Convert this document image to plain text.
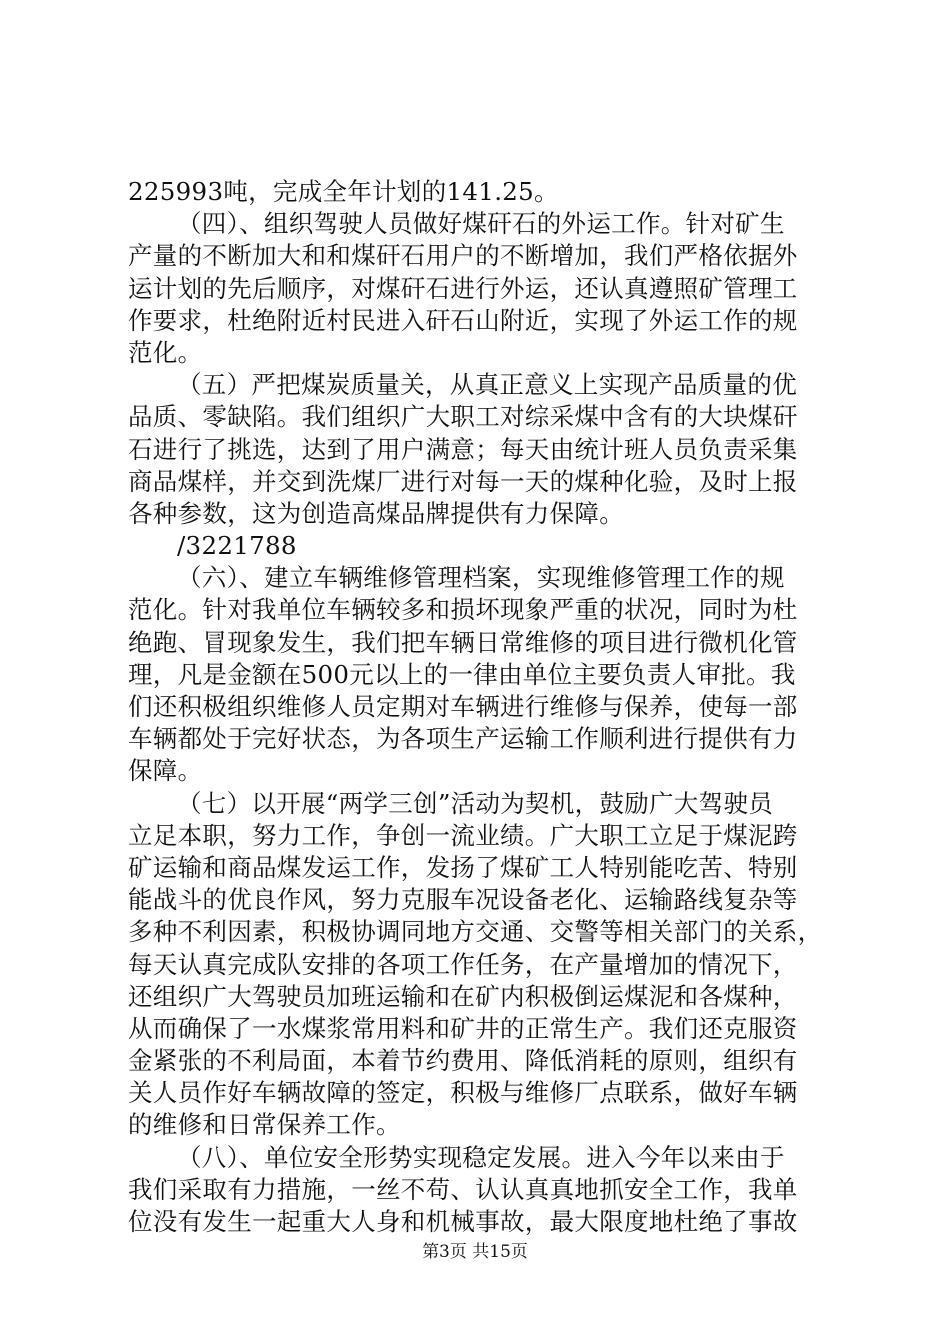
225993吨，完成全年计划的141.25。
（四）、组织驾驶人员做好煤矸石的外运工作。针对矿生
产量的不断加大和和煤矸石用户的不断增加，我们严格依据外
运计划的先后顺序，对煤矸石进行外运，还认真遵照矿管理工
作要求，杜绝附近村民进入矸石山附近，实现了外运工作的规
范化。
（五）严把煤炭质量关，从真正意义上实现产品质量的优
品质、零缺陷。我们组织广大职工对综采煤中含有的大块煤矸
石进行了挑选，达到了用户满意；每天由统计班人员负责采集
商品煤样，并交到洗煤厂进行对每一天的煤种化验，及时上报
各种参数，这为创造高煤品牌提供有力保障。
/3221788
（六）、建立车辆维修管理档案，实现维修管理工作的规
范化。针对我单位车辆较多和损坏现象严重的状况，同时为杜
绝跑、冒现象发生，我们把车辆日常维修的项目进行微机化管
理，凡是金额在500元以上的一律由单位主要负责人审批。我
们还积极组织维修人员定期对车辆进行维修与保养，使每一部
车辆都处于完好状态，为各项生产运输工作顺利进行提供有力
保障。
（七）以开展“两学三创”活动为契机，鼓励广大驾驶员
立足本职，努力工作，争创一流业绩。广大职工立足于煤泥跨
矿运输和商品煤发运工作，发扬了煤矿工人特别能吃苦、特别
能战斗的优良作风，努力克服车况设备老化、运输路线复杂等
多种不利因素，积极协调同地方交通、交警等相关部门的关系，
每天认真完成队安排的各项工作任务，在产量增加的情况下，
还组织广大驾驶员加班运输和在矿内积极倒运煤泥和各煤种，
从而确保了一水煤浆常用料和矿井的正常生产。我们还克服资
金紧张的不利局面，本着节约费用、降低消耗的原则，组织有
关人员作好车辆故障的签定，积极与维修厂点联系，做好车辆
的维修和日常保养工作。
（八）、单位安全形势实现稳定发展。进入今年以来由于
我们采取有力措施，一丝不苟、认认真真地抓安全工作，我单
位没有发生一起重大人身和机械事故，最大限度地杜绝了事故
第3页 共15页
